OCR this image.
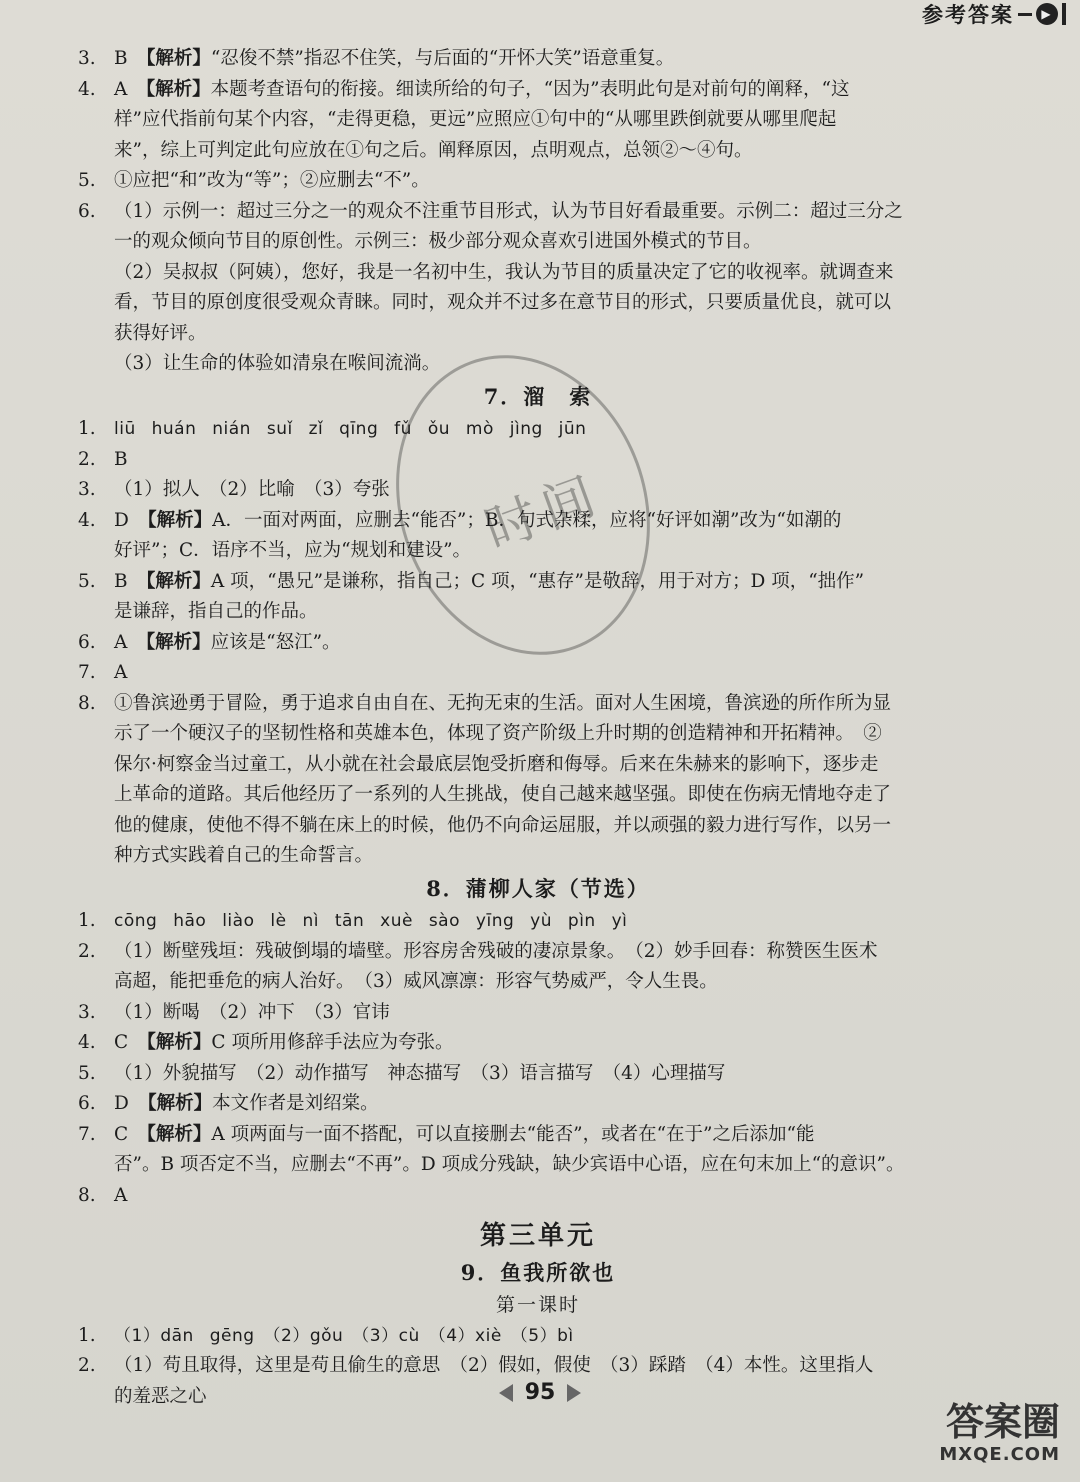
参考答案	▶
3. B　【解析】“忍俊不禁”指忍不住笑，与后面的“开怀大笑”语意重复。
4. A　【解析】本题考查语句的衔接。细读所给的句子，“因为”表明此句是对前句的阐释，“这
样”应代指前句某个内容，“走得更稳，更远”应照应①句中的“从哪里跌倒就要从哪里爬起
来”，综上可判定此句应放在①句之后。阐释原因，点明观点，总领②～④句。
5. ①应把“和”改为“等”；②应删去“不”。
6. （1）示例一：超过三分之一的观众不注重节目形式，认为节目好看最重要。示例二：超过三分之
一的观众倾向节目的原创性。示例三：极少部分观众喜欢引进国外模式的节目。
（2）吴叔叔（阿姨），您好，我是一名初中生，我认为节目的质量决定了它的收视率。就调查来
看，节目的原创度很受观众青睐。同时，观众并不过多在意节目的形式，只要质量优良，就可以
获得好评。
（3）让生命的体验如清泉在喉间流淌。
7．溜　索
1.	liū huán nián suǐ zǐ qīng fǔ ǒu mò jìng jūn
2. B
3. （1）拟人　（2）比喻　（3）夸张
4. D　【解析】A．一面对两面，应删去“能否”；B．句式杂糅，应将“好评如潮”改为“如潮的
好评”；C．语序不当，应为“规划和建设”。
5. B　【解析】A 项，“愚兄”是谦称，指自己；C 项，“惠存”是敬辞，用于对方；D 项，“拙作”
是谦辞，指自己的作品。
6. A　【解析】应该是“怒江”。
7. A
8. ①鲁滨逊勇于冒险，勇于追求自由自在、无拘无束的生活。面对人生困境，鲁滨逊的所作所为显
示了一个硬汉子的坚韧性格和英雄本色，体现了资产阶级上升时期的创造精神和开拓精神。　②
保尔·柯察金当过童工，从小就在社会最底层饱受折磨和侮辱。后来在朱赫来的影响下，逐步走
上革命的道路。其后他经历了一系列的人生挑战，使自己越来越坚强。即使在伤病无情地夺走了
他的健康，使他不得不躺在床上的时候，他仍不向命运屈服，并以顽强的毅力进行写作，以另一
种方式实践着自己的生命誓言。
8．蒲柳人家（节选）
1.	cōng hāo liào lè nì tān xuè sào yīng yù pìn yì
2. （1）断壁残垣：残破倒塌的墙壁。形容房舍残破的凄凉景象。　（2）妙手回春：称赞医生医术
高超，能把垂危的病人治好。　（3）威风凛凛：形容气势威严，令人生畏。
3. （1）断喝　（2）冲下　（3）官讳
4. C　【解析】C 项所用修辞手法应为夸张。
5. （1）外貌描写　（2）动作描写　神态描写　（3）语言描写　（4）心理描写
6. D　【解析】本文作者是刘绍棠。
7. C　【解析】A 项两面与一面不搭配，可以直接删去“能否”，或者在“在于”之后添加“能
否”。B 项否定不当，应删去“不再”。D 项成分残缺，缺少宾语中心语，应在句末加上“的意识”。
8. A
第三单元
9．鱼我所欲也
第一课时
1.	（1）dān gēng　（2）gǒu　（3）cù　（4）xiè　（5）bì
2. （1）苟且取得，这里是苟且偷生的意思　（2）假如，假使　（3）踩踏　（4）本性。这里指人
的羞恶之心
时间
95
答案圈
MXQE.COM
